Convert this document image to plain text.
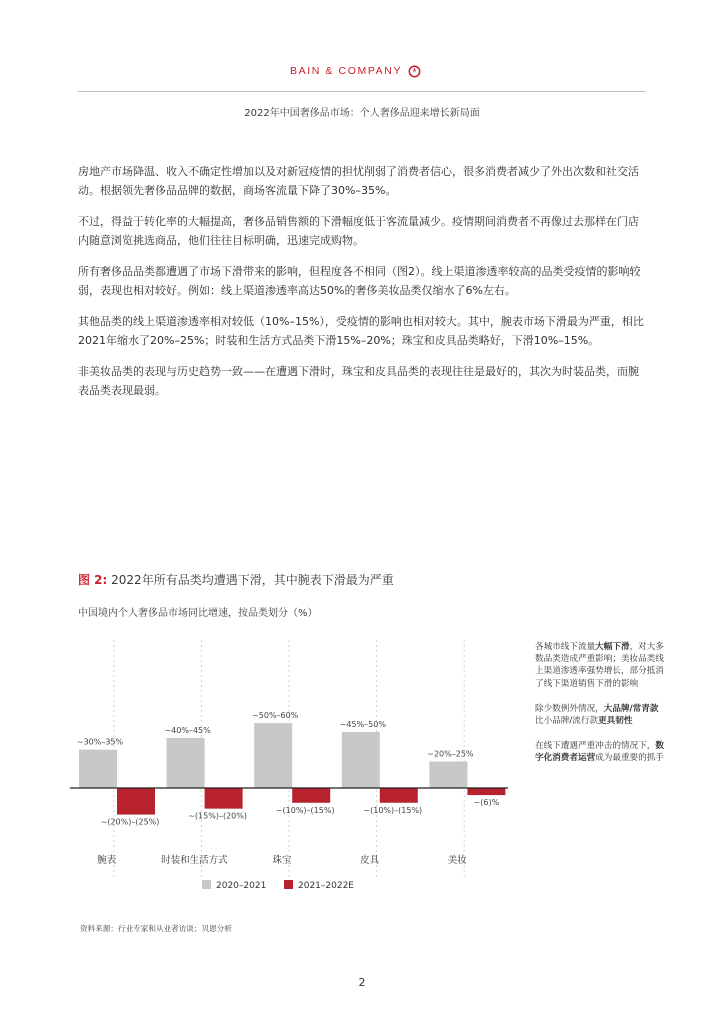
BAIN & COMPANY
2022年中国奢侈品市场：个人奢侈品迎来增长新局面

房地产市场降温、收入不确定性增加以及对新冠疫情的担忧削弱了消费者信心，很多消费者减少了外出次数和社交活动。根据领先奢侈品品牌的数据，商场客流量下降了30%–35%。

不过，得益于转化率的大幅提高，奢侈品销售额的下滑幅度低于客流量减少。疫情期间消费者不再像过去那样在门店内随意浏览挑选商品，他们往往目标明确，迅速完成购物。

所有奢侈品品类都遭遇了市场下滑带来的影响，但程度各不相同（图2）。线上渠道渗透率较高的品类受疫情的影响较弱，表现也相对较好。例如：线上渠道渗透率高达50%的奢侈美妆品类仅缩水了6%左右。

其他品类的线上渠道渗透率相对较低（10%–15%），受疫情的影响也相对较大。其中，腕表市场下滑最为严重，相比2021年缩水了20%–25%；时装和生活方式品类下滑15%–20%；珠宝和皮具品类略好，下滑10%–15%。

非美妆品类的表现与历史趋势一致——在遭遇下滑时，珠宝和皮具品类的表现往往是最好的，其次为时装品类，而腕表品类表现最弱。

图 2: 2022年所有品类均遭遇下滑，其中腕表下滑最为严重
中国境内个人奢侈品市场同比增速，按品类划分（%）
~30%–35%
~(20%)–(25%)
腕表
~40%–45%
~(15%)–(20%)
时装和生活方式
~50%–60%
~(10%)–(15%)
珠宝
~45%–50%
~(10%)–(15%)
皮具
~20%–25%
~(6)%
美妆
2020–2021	2021–2022E
各城市线下流量大幅下滑，对大多数品类造成严重影响；美妆品类线上渠道渗透率强势增长，部分抵消了线下渠道销售下滑的影响
除少数例外情况，大品牌/常青款比小品牌/流行款更具韧性
在线下遭遇严重冲击的情况下，数字化消费者运营成为最重要的抓手
资料来源：行业专家和从业者访谈；贝恩分析
2
